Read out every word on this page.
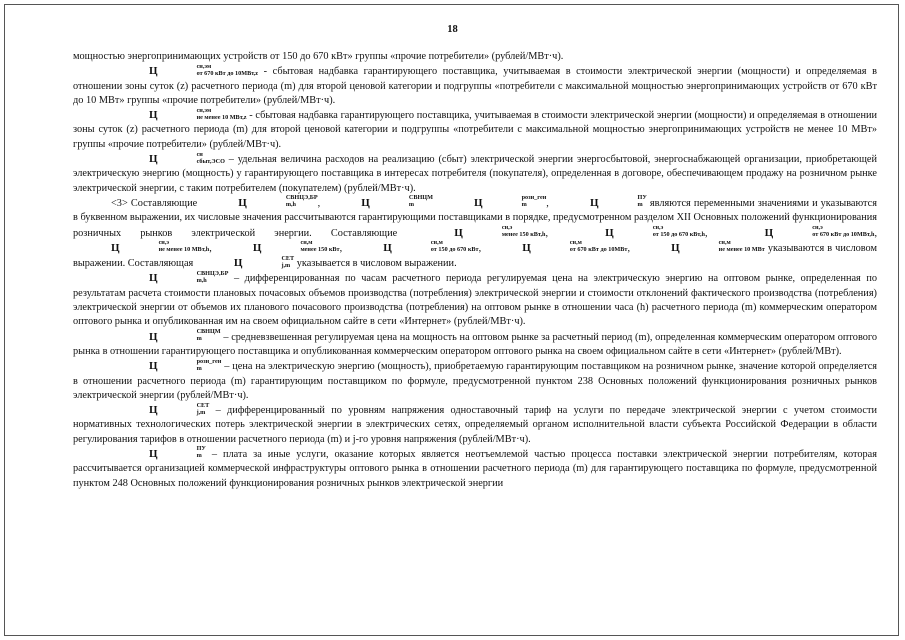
18

мощностью энергопринимающих устройств от 150 до 670 кВт» группы «прочие потребители» (рублей/МВт·ч).

Ц	сн,эм
от 670 кВт до 10МВт,z - сбытовая надбавка гарантирующего поставщика, учитываемая в стоимости электрической энергии (мощности) и определяемая в отношении зоны суток (z) расчетного периода (m) для второй ценовой категории и подгруппы «потребители с максимальной мощностью энергопринимающих устройств от 670 кВт до 10 МВт» группы «прочие потребители» (рублей/МВт·ч).

Ц	сн,эм
не менее 10 МВт,z - сбытовая надбавка гарантирующего поставщика, учитываемая в стоимости электрической энергии (мощности) и определяемая в отношении зоны суток (z) расчетного периода (m) для второй ценовой категории и подгруппы «потребители с максимальной мощностью энергопринимающих устройств не менее 10 МВт» группы «прочие потребители» (рублей/МВт·ч).

Ц	сн
сбыт,ЭСО – удельная величина расходов на реализацию (сбыт) электрической энергии энергосбытовой, энергоснабжающей организации, приобретающей электрическую энергию (мощность) у гарантирующего поставщика в интересах потребителя (покупателя), определенная в договоре, обеспечивающем продажу на розничном рынке электрической энергии, с таким потребителем (покупателем) (рублей/МВт·ч).

<3> Составляющие	Ц	СВНЦЭ,БР
m,h	,	Ц	СВНЦМ
m	Ц	розн_ген
m	,	Ц	ПУ
m являются переменными значениями и указываются в буквенном выражении, их числовые значения рассчитываются гарантирующими поставщиками в порядке, предусмотренном разделом XII Основных положений функционирования розничных рынков электрической энергии. Составляющие	Ц	сн,э
менее 150 кВт,h ,	Ц	сн,э
от 150 до 670 кВт,h ,	Ц	сн,э
от 670 кВт до 10МВт,h , Ц	сн,э
не менее 10 МВт,h ,	Ц	сн,м
менее 150 кВт ,	Ц	сн,м
от 150 до 670 кВт ,	Ц	сн,м
от 670 кВт до 10МВт ,	Ц	сн,м
не менее 10 МВт указываются в числовом выражении. Составляющая	Ц	СЕТ
j,m указывается в числовом выражении.

Ц	СВНЦЭ,БР
m,h	– дифференцированная по часам расчетного периода регулируемая цена на электрическую энергию на оптовом рынке, определенная по результатам расчета стоимости плановых почасовых объемов производства (потребления) электрической энергии и стоимости отклонений фактического производства (потребления) электрической энергии от объемов их планового почасового производства (потребления) на оптовом рынке в отношении часа (h) расчетного периода (m) коммерческим оператором оптового рынка и опубликованная им на своем официальном сайте в сети «Интернет» (рублей/МВт·ч).

Ц	СВНЦМ
m	– средневзвешенная регулируемая цена на мощность на оптовом рынке за расчетный период (m), определенная коммерческим оператором оптового рынка в отношении гарантирующего поставщика и опубликованная коммерческим оператором оптового рынка на своем официальном сайте в сети «Интернет» (рублей/МВт).

Ц	розн_ген
m	– цена на электрическую энергию (мощность), приобретаемую гарантирующим поставщиком на розничном рынке, значение которой определяется в отношении расчетного периода (m) гарантирующим поставщиком по формуле, предусмотренной пунктом 238 Основных положений функционирования розничных рынков электрической энергии (рублей/МВт·ч).

Ц	СЕТ
j,m – дифференцированный по уровням напряжения одноставочный тариф на услуги по передаче электрической энергии с учетом стоимости нормативных технологических потерь электрической энергии в электрических сетях, определяемый органом исполнительной власти субъекта Российской Федерации в области регулирования тарифов в отношении расчетного периода (m) и j-го уровня напряжения (рублей/МВт·ч).

Ц	ПУ
m – плата за иные услуги, оказание которых является неотъемлемой частью процесса поставки электрической энергии потребителям, которая рассчитывается организацией коммерческой инфраструктуры оптового рынка в отношении расчетного периода (m) для гарантирующего поставщика по формуле, предусмотренной пунктом 248 Основных положений функционирования розничных рынков электрической энергии
